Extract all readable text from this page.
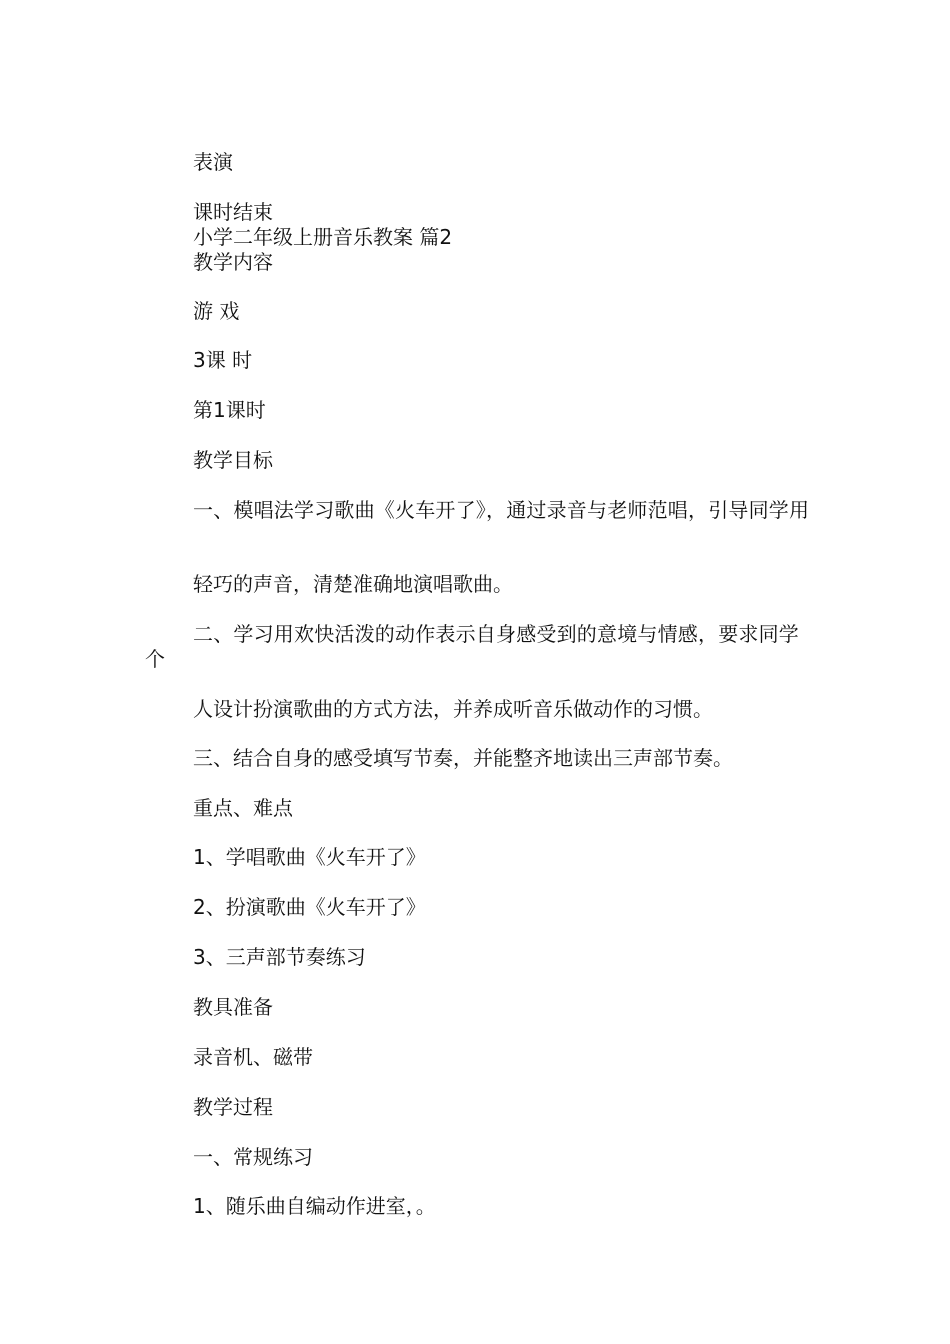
表演
课时结束
小学二年级上册音乐教案 篇2
教学内容
游 戏
3课 时
第1课时
教学目标
一、模唱法学习歌曲《火车开了》，通过录音与老师范唱，引导同学用
轻巧的声音，清楚准确地演唱歌曲。
二、学习用欢快活泼的动作表示自身感受到的意境与情感，要求同学个
人设计扮演歌曲的方式方法，并养成听音乐做动作的习惯。
三、结合自身的感受填写节奏，并能整齐地读出三声部节奏。
重点、难点
1、学唱歌曲《火车开了》
2、扮演歌曲《火车开了》
3、三声部节奏练习
教具准备
录音机、磁带
教学过程
一、常规练习
1、随乐曲自编动作进室，。
